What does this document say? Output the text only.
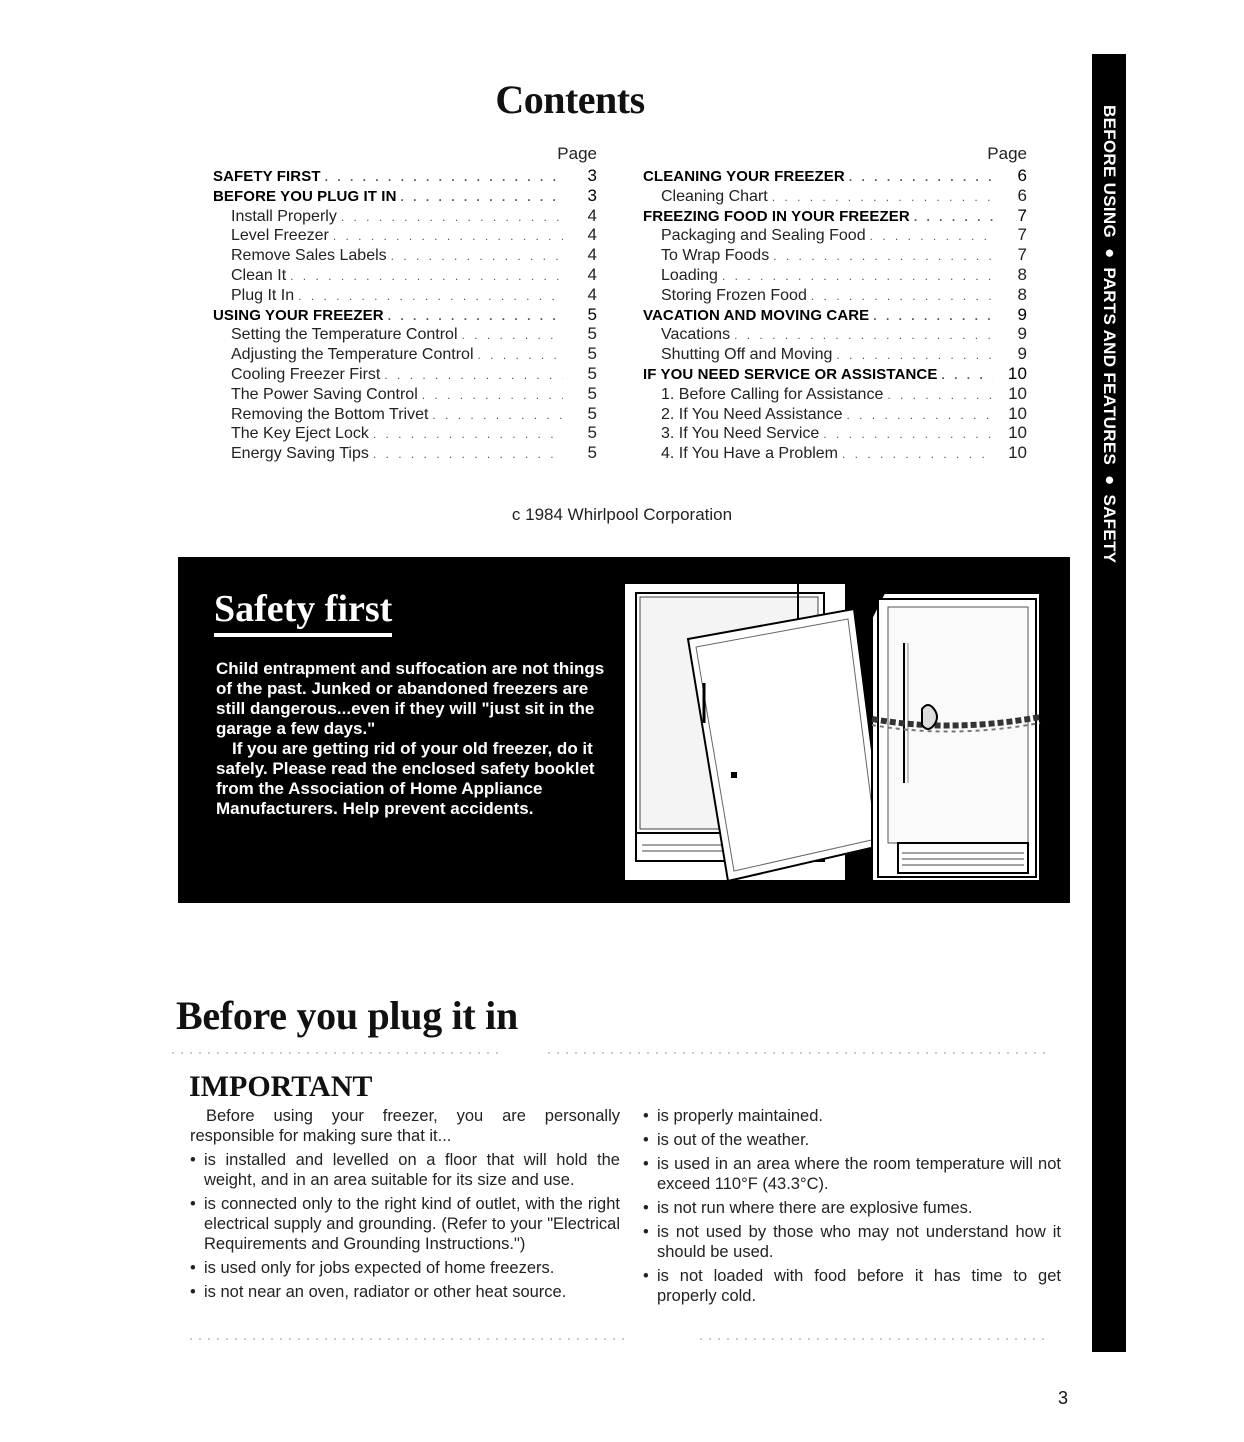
Contents
Page
SAFETY FIRST . . .	3
BEFORE YOU PLUG IT IN . . .	3
Install Properly . . .	4
Level Freezer . . .	4
Remove Sales Labels . . .	4
Clean It . . .	4
Plug It In . . .	4
USING YOUR FREEZER . . .	5
Setting the Temperature Control . . .	5
Adjusting the Temperature Control . . .	5
Cooling Freezer First . . .	5
The Power Saving Control . . .	5
Removing the Bottom Trivet . . .	5
The Key Eject Lock . . .	5
Energy Saving Tips . . .	5
Page
CLEANING YOUR FREEZER . . .	6
Cleaning Chart . . .	6
FREEZING FOOD IN YOUR FREEZER . . .	7
Packaging and Sealing Food . . .	7
To Wrap Foods . . .	7
Loading . . .	8
Storing Frozen Food . . .	8
VACATION AND MOVING CARE . . .	9
Vacations . . .	9
Shutting Off and Moving . . .	9
IF YOU NEED SERVICE OR ASSISTANCE . . .	10
1. Before Calling for Assistance . . .	10
2. If You Need Assistance . . .	10
3. If You Need Service . . .	10
4. If You Have a Problem . . .	10
c 1984 Whirlpool Corporation	BEFORE USING ● PARTS AND FEATURES ● SAFETY
Safety first

Child entrapment and suffocation are not things of the past. Junked or abandoned freezers are still dangerous...even if they will "just sit in the garage a few days."

If you are getting rid of your old freezer, do it safely. Please read the enclosed safety booklet from the Association of Home Appliance Manufacturers. Help prevent accidents.

Before you plug it in
IMPORTANT

Before using your freezer, you are personally responsible for making sure that it...

• is installed and levelled on a floor that will hold the weight, and in an area suitable for its size and use.

• is connected only to the right kind of outlet, with the right electrical supply and grounding. (Refer to your "Electrical Requirements and Grounding Instructions.")

• is used only for jobs expected of home freezers.

• is not near an oven, radiator or other heat source.

• is properly maintained.

• is out of the weather.

• is used in an area where the room temperature will not exceed 110°F (43.3°C).

• is not run where there are explosive fumes.

• is not used by those who may not understand how it should be used.

• is not loaded with food before it has time to get properly cold.

3
